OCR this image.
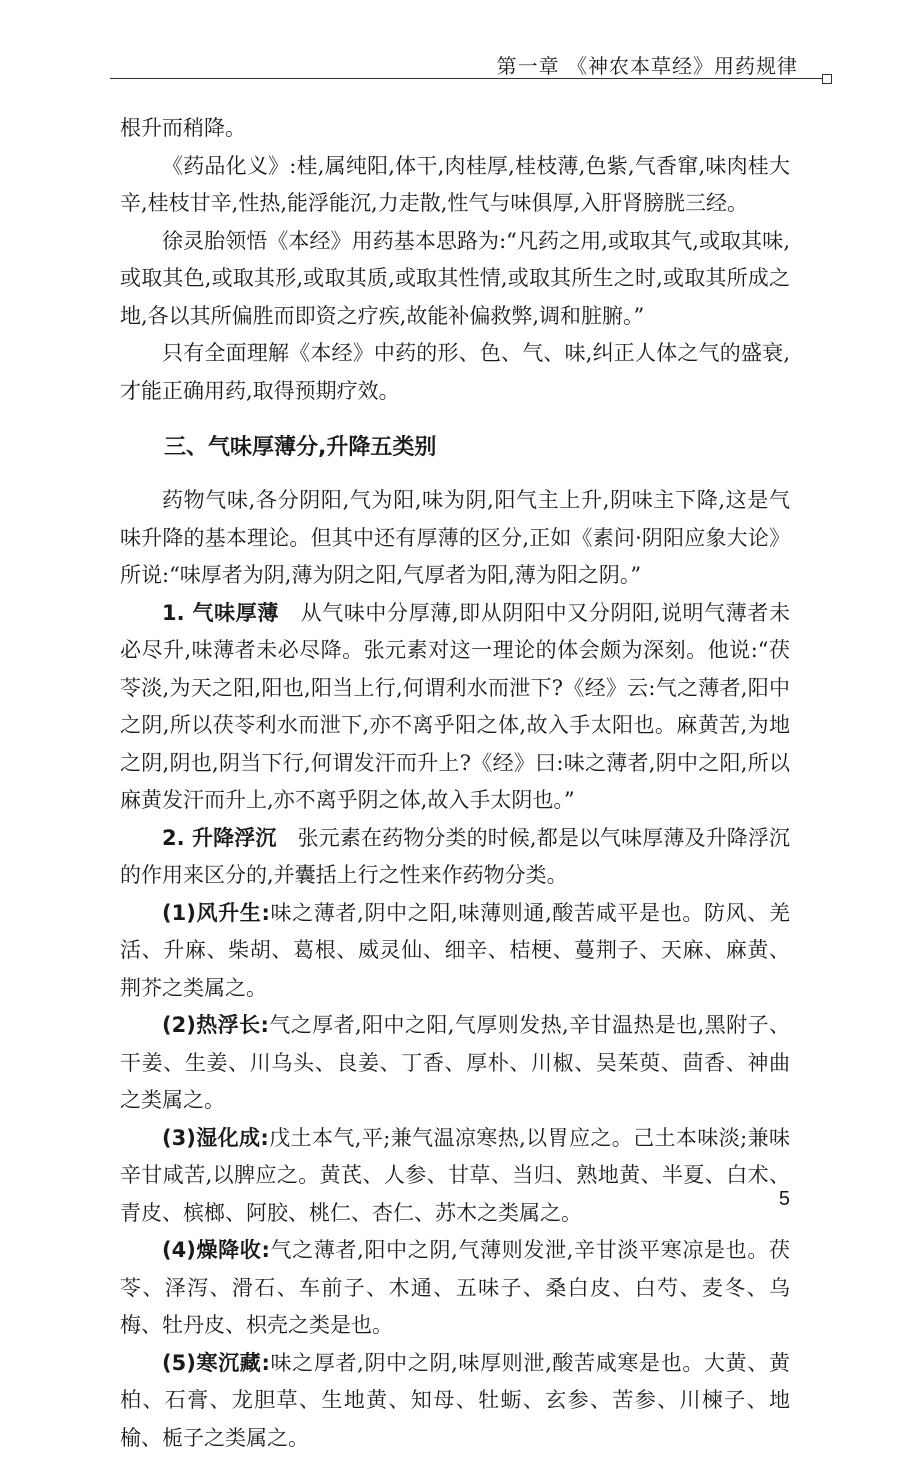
第一章 《神农本草经》用药规律

根升而稍降。

《药品化义》:桂,属纯阳,体干,肉桂厚,桂枝薄,色紫,气香窜,味肉桂大辛,桂枝甘辛,性热,能浮能沉,力走散,性气与味俱厚,入肝肾膀胱三经。

徐灵胎领悟《本经》用药基本思路为:“凡药之用,或取其气,或取其味,或取其色,或取其形,或取其质,或取其性情,或取其所生之时,或取其所成之地,各以其所偏胜而即资之疗疾,故能补偏救弊,调和脏腑。”

只有全面理解《本经》中药的形、色、气、味,纠正人体之气的盛衰,才能正确用药,取得预期疗效。

三、气味厚薄分,升降五类别

药物气味,各分阴阳,气为阳,味为阴,阳气主上升,阴味主下降,这是气味升降的基本理论。但其中还有厚薄的区分,正如《素问·阴阳应象大论》所说:“味厚者为阴,薄为阴之阳,气厚者为阳,薄为阳之阴。”

1. 气味厚薄　 从气味中分厚薄,即从阴阳中又分阴阳,说明气薄者未必尽升,味薄者未必尽降。张元素对这一理论的体会颇为深刻。他说:“茯苓淡,为天之阳,阳也,阳当上行,何谓利水而泄下?《经》云:气之薄者,阳中之阴,所以茯苓利水而泄下,亦不离乎阳之体,故入手太阳也。麻黄苦,为地之阴,阴也,阴当下行,何谓发汗而升上?《经》曰:味之薄者,阴中之阳,所以麻黄发汗而升上,亦不离乎阴之体,故入手太阴也。”

2. 升降浮沉　 张元素在药物分类的时候,都是以气味厚薄及升降浮沉的作用来区分的,并囊括上行之性来作药物分类。

(1)风升生:味之薄者,阴中之阳,味薄则通,酸苦咸平是也。防风、羌活、升麻、柴胡、葛根、威灵仙、细辛、桔梗、蔓荆子、天麻、麻黄、荆芥之类属之。

(2)热浮长:气之厚者,阳中之阳,气厚则发热,辛甘温热是也,黑附子、干姜、生姜、川乌头、良姜、丁香、厚朴、川椒、吴茱萸、茴香、神曲之类属之。

(3)湿化成:戊土本气,平;兼气温凉寒热,以胃应之。己土本味淡;兼味辛甘咸苦,以脾应之。黄芪、人参、甘草、当归、熟地黄、半夏、白术、青皮、槟榔、阿胶、桃仁、杏仁、苏木之类属之。

(4)燥降收:气之薄者,阳中之阴,气薄则发泄,辛甘淡平寒凉是也。茯苓、泽泻、滑石、车前子、木通、五味子、桑白皮、白芍、麦冬、乌梅、牡丹皮、枳壳之类是也。

(5)寒沉藏:味之厚者,阴中之阴,味厚则泄,酸苦咸寒是也。大黄、黄柏、石膏、龙胆草、生地黄、知母、牡蛎、玄参、苦参、川楝子、地榆、栀子之类属之。

5
